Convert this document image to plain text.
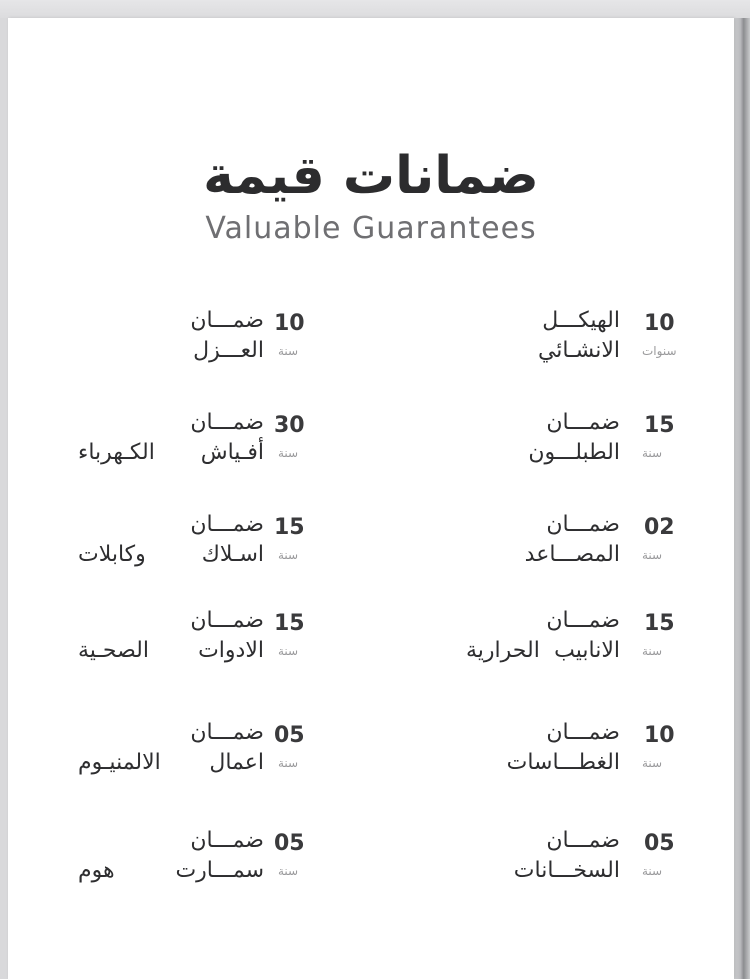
ضمانات قيمة
Valuable Guarantees
10
سنة
ضمـــان
العـــزل
30
سنة
ضمـــان
أفـياش الكـهرباء
15
سنة
ضمـــان
اسـلاك وكابلات
15
سنة
ضمـــان
الادوات الصحـية
05
سنة
ضمـــان
اعمال الالمنيـوم
05
سنة
ضمـــان
سمـــارت هوم
10
سنوات
الهيكـــل
الانشـائي
15
سنة
ضمـــان
الطبلـــون
02
سنة
ضمـــان
المصـــاعد
15
سنة
ضمـــان
الانابيب الحرارية
10
سنة
ضمـــان
الغطـــاسات
05
سنة
ضمـــان
السخـــانات
